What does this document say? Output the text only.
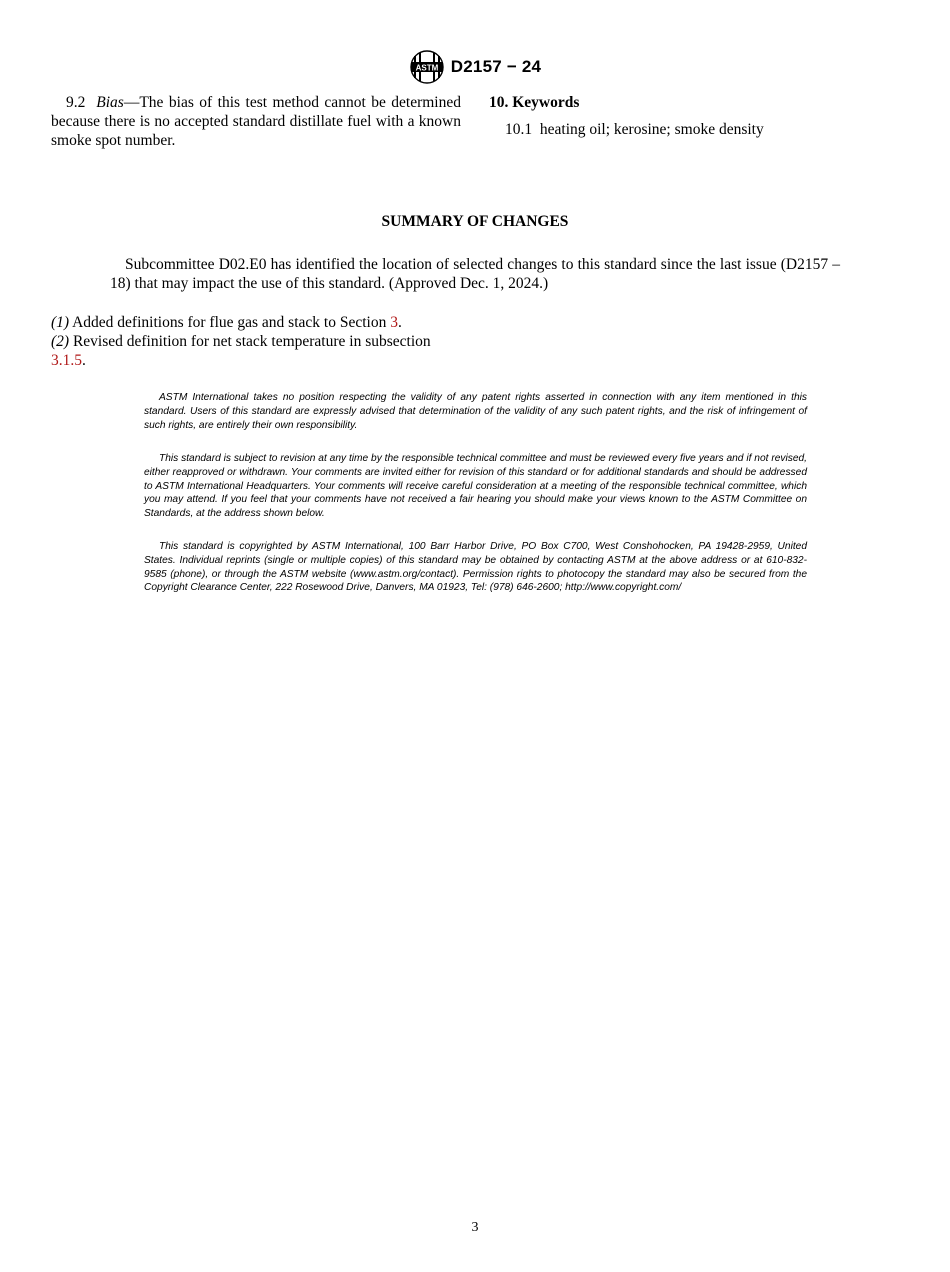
ASTM D2157 − 24

9.2 Bias—The bias of this test method cannot be determined because there is no accepted standard distillate fuel with a known smoke spot number.

10. Keywords

10.1 heating oil; kerosine; smoke density

SUMMARY OF CHANGES

Subcommittee D02.E0 has identified the location of selected changes to this standard since the last issue (D2157 – 18) that may impact the use of this standard. (Approved Dec. 1, 2024.)

(1) Added definitions for flue gas and stack to Section 3.

(2) Revised definition for net stack temperature in subsection 3.1.5.

ASTM International takes no position respecting the validity of any patent rights asserted in connection with any item mentioned in this standard. Users of this standard are expressly advised that determination of the validity of any such patent rights, and the risk of infringement of such rights, are entirely their own responsibility.

This standard is subject to revision at any time by the responsible technical committee and must be reviewed every five years and if not revised, either reapproved or withdrawn. Your comments are invited either for revision of this standard or for additional standards and should be addressed to ASTM International Headquarters. Your comments will receive careful consideration at a meeting of the responsible technical committee, which you may attend. If you feel that your comments have not received a fair hearing you should make your views known to the ASTM Committee on Standards, at the address shown below.

This standard is copyrighted by ASTM International, 100 Barr Harbor Drive, PO Box C700, West Conshohocken, PA 19428-2959, United States. Individual reprints (single or multiple copies) of this standard may be obtained by contacting ASTM at the above address or at 610-832-9585 (phone), or through the ASTM website (www.astm.org/contact). Permission rights to photocopy the standard may also be secured from the Copyright Clearance Center, 222 Rosewood Drive, Danvers, MA 01923, Tel: (978) 646-2600; http://www.copyright.com/

3
